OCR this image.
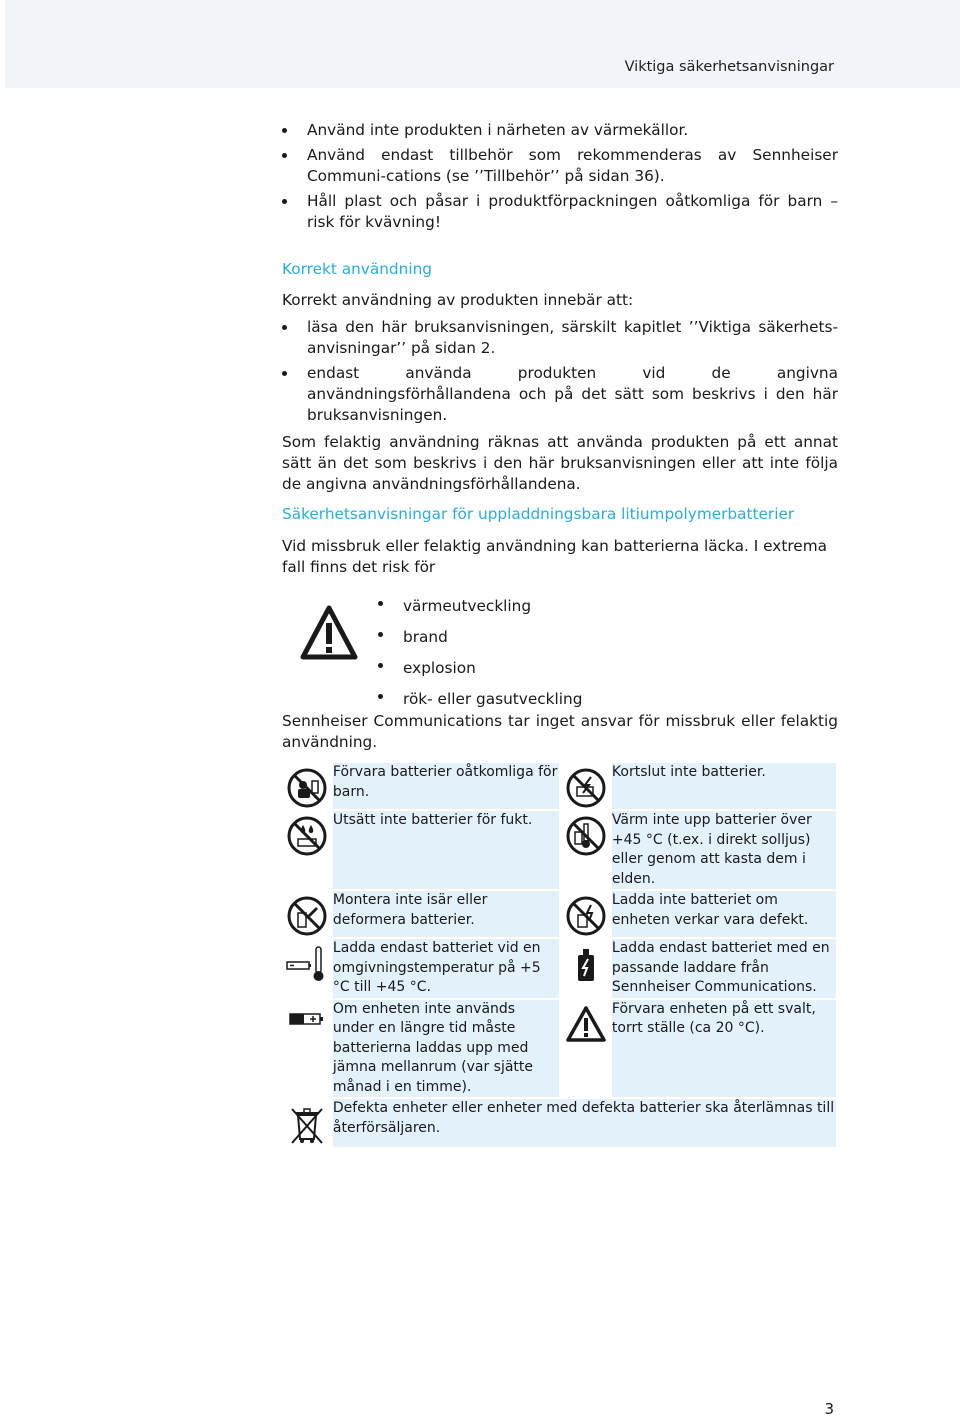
Viktiga säkerhetsanvisningar
Använd inte produkten i närheten av värmekällor.
Använd endast tillbehör som rekommenderas av Sennheiser Communi-cations (se ’’Tillbehör’’ på sidan 36).
Håll plast och påsar i produktförpackningen oåtkomliga för barn – risk för kvävning!

Korrekt användning

Korrekt användning av produkten innebär att:

läsa den här bruksanvisningen, särskilt kapitlet ’’Viktiga säkerhets-anvisningar’’ på sidan 2.
endast använda produkten vid de angivna användningsförhållandena och på det sätt som beskrivs i den här bruksanvisningen.

Som felaktig användning räknas att använda produkten på ett annat sätt än det som beskrivs i den här bruksanvisningen eller att inte följa de angivna användningsförhållandena.

Säkerhetsanvisningar för uppladdningsbara litiumpolymerbatterier

Vid missbruk eller felaktig användning kan batterierna läcka. I extrema fall finns det risk för

värmeutveckling
brand
explosion
rök- eller gasutveckling
Sennheiser Communications tar inget ansvar för missbruk eller felaktig användning.
	Förvara batterier oåtkomliga för barn.		Kortslut inte batterier.

	Utsätt inte batterier för fukt.		Värm inte upp batterier över +45 °C (t.ex. i direkt solljus) eller genom att kasta dem i elden.

	Montera inte isär eller deformera batterier.		Ladda inte batteriet om enheten verkar vara defekt.

	Ladda endast batteriet vid en omgivningstemperatur på +5 °C till +45 °C.		Ladda endast batteriet med en passande laddare från Sennheiser Communications.

	Om enheten inte används under en längre tid måste batterierna laddas upp med jämna mellanrum (var sjätte månad i en timme).		Förvara enheten på ett svalt, torrt ställe (ca 20 °C).

	Defekta enheter eller enheter med defekta batterier ska återlämnas till återförsäljaren.		
3
